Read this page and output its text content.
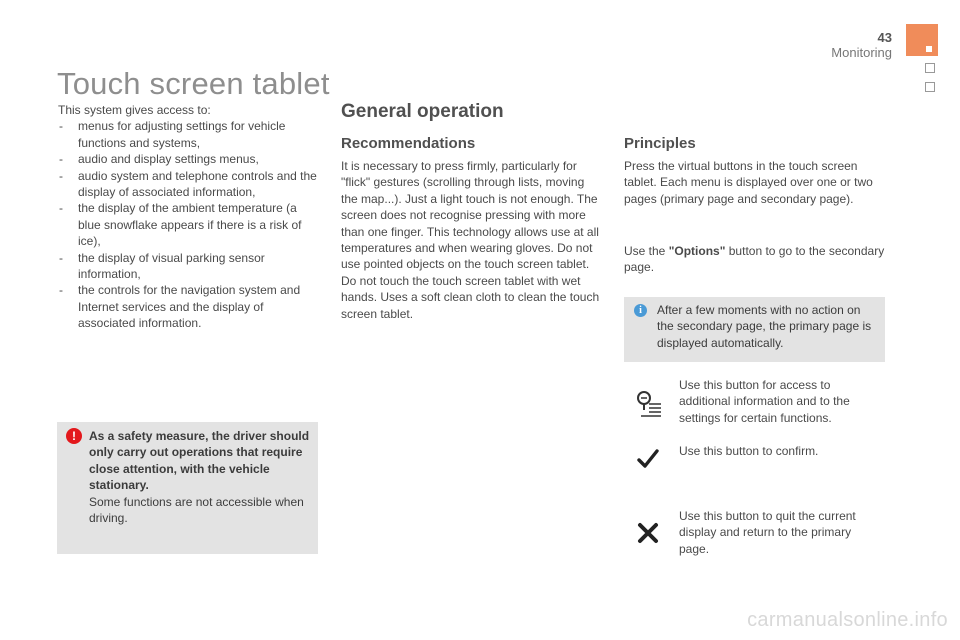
43
Monitoring
Touch screen tablet
This system gives access to:
- menus for adjusting settings for vehicle functions and systems,
- audio and display settings menus,
- audio system and telephone controls and the display of associated information,
- the display of the ambient temperature (a blue snowflake appears if there is a risk of ice),
- the display of visual parking sensor information,
- the controls for the navigation system and Internet services and the display of associated information.
!	As a safety measure, the driver should only carry out operations that require close attention, with the vehicle stationary.
Some functions are not accessible when driving.
General operation
Recommendations
It is necessary to press firmly, particularly for "flick" gestures (scrolling through lists, moving the map...). Just a light touch is not enough. The screen does not recognise pressing with more than one finger. This technology allows use at all temperatures and when wearing gloves. Do not use pointed objects on the touch screen tablet. Do not touch the touch screen tablet with wet hands. Uses a soft clean cloth to clean the touch screen tablet.
Principles
Press the virtual buttons in the touch screen tablet. Each menu is displayed over one or two pages (primary page and secondary page).
Use the "Options" button to go to the secondary page.
i	After a few moments with no action on the secondary page, the primary page is displayed automatically.
Use this button for access to additional information and to the settings for certain functions.
Use this button to confirm.
Use this button to quit the current display and return to the primary page.
carmanualsonline.info
